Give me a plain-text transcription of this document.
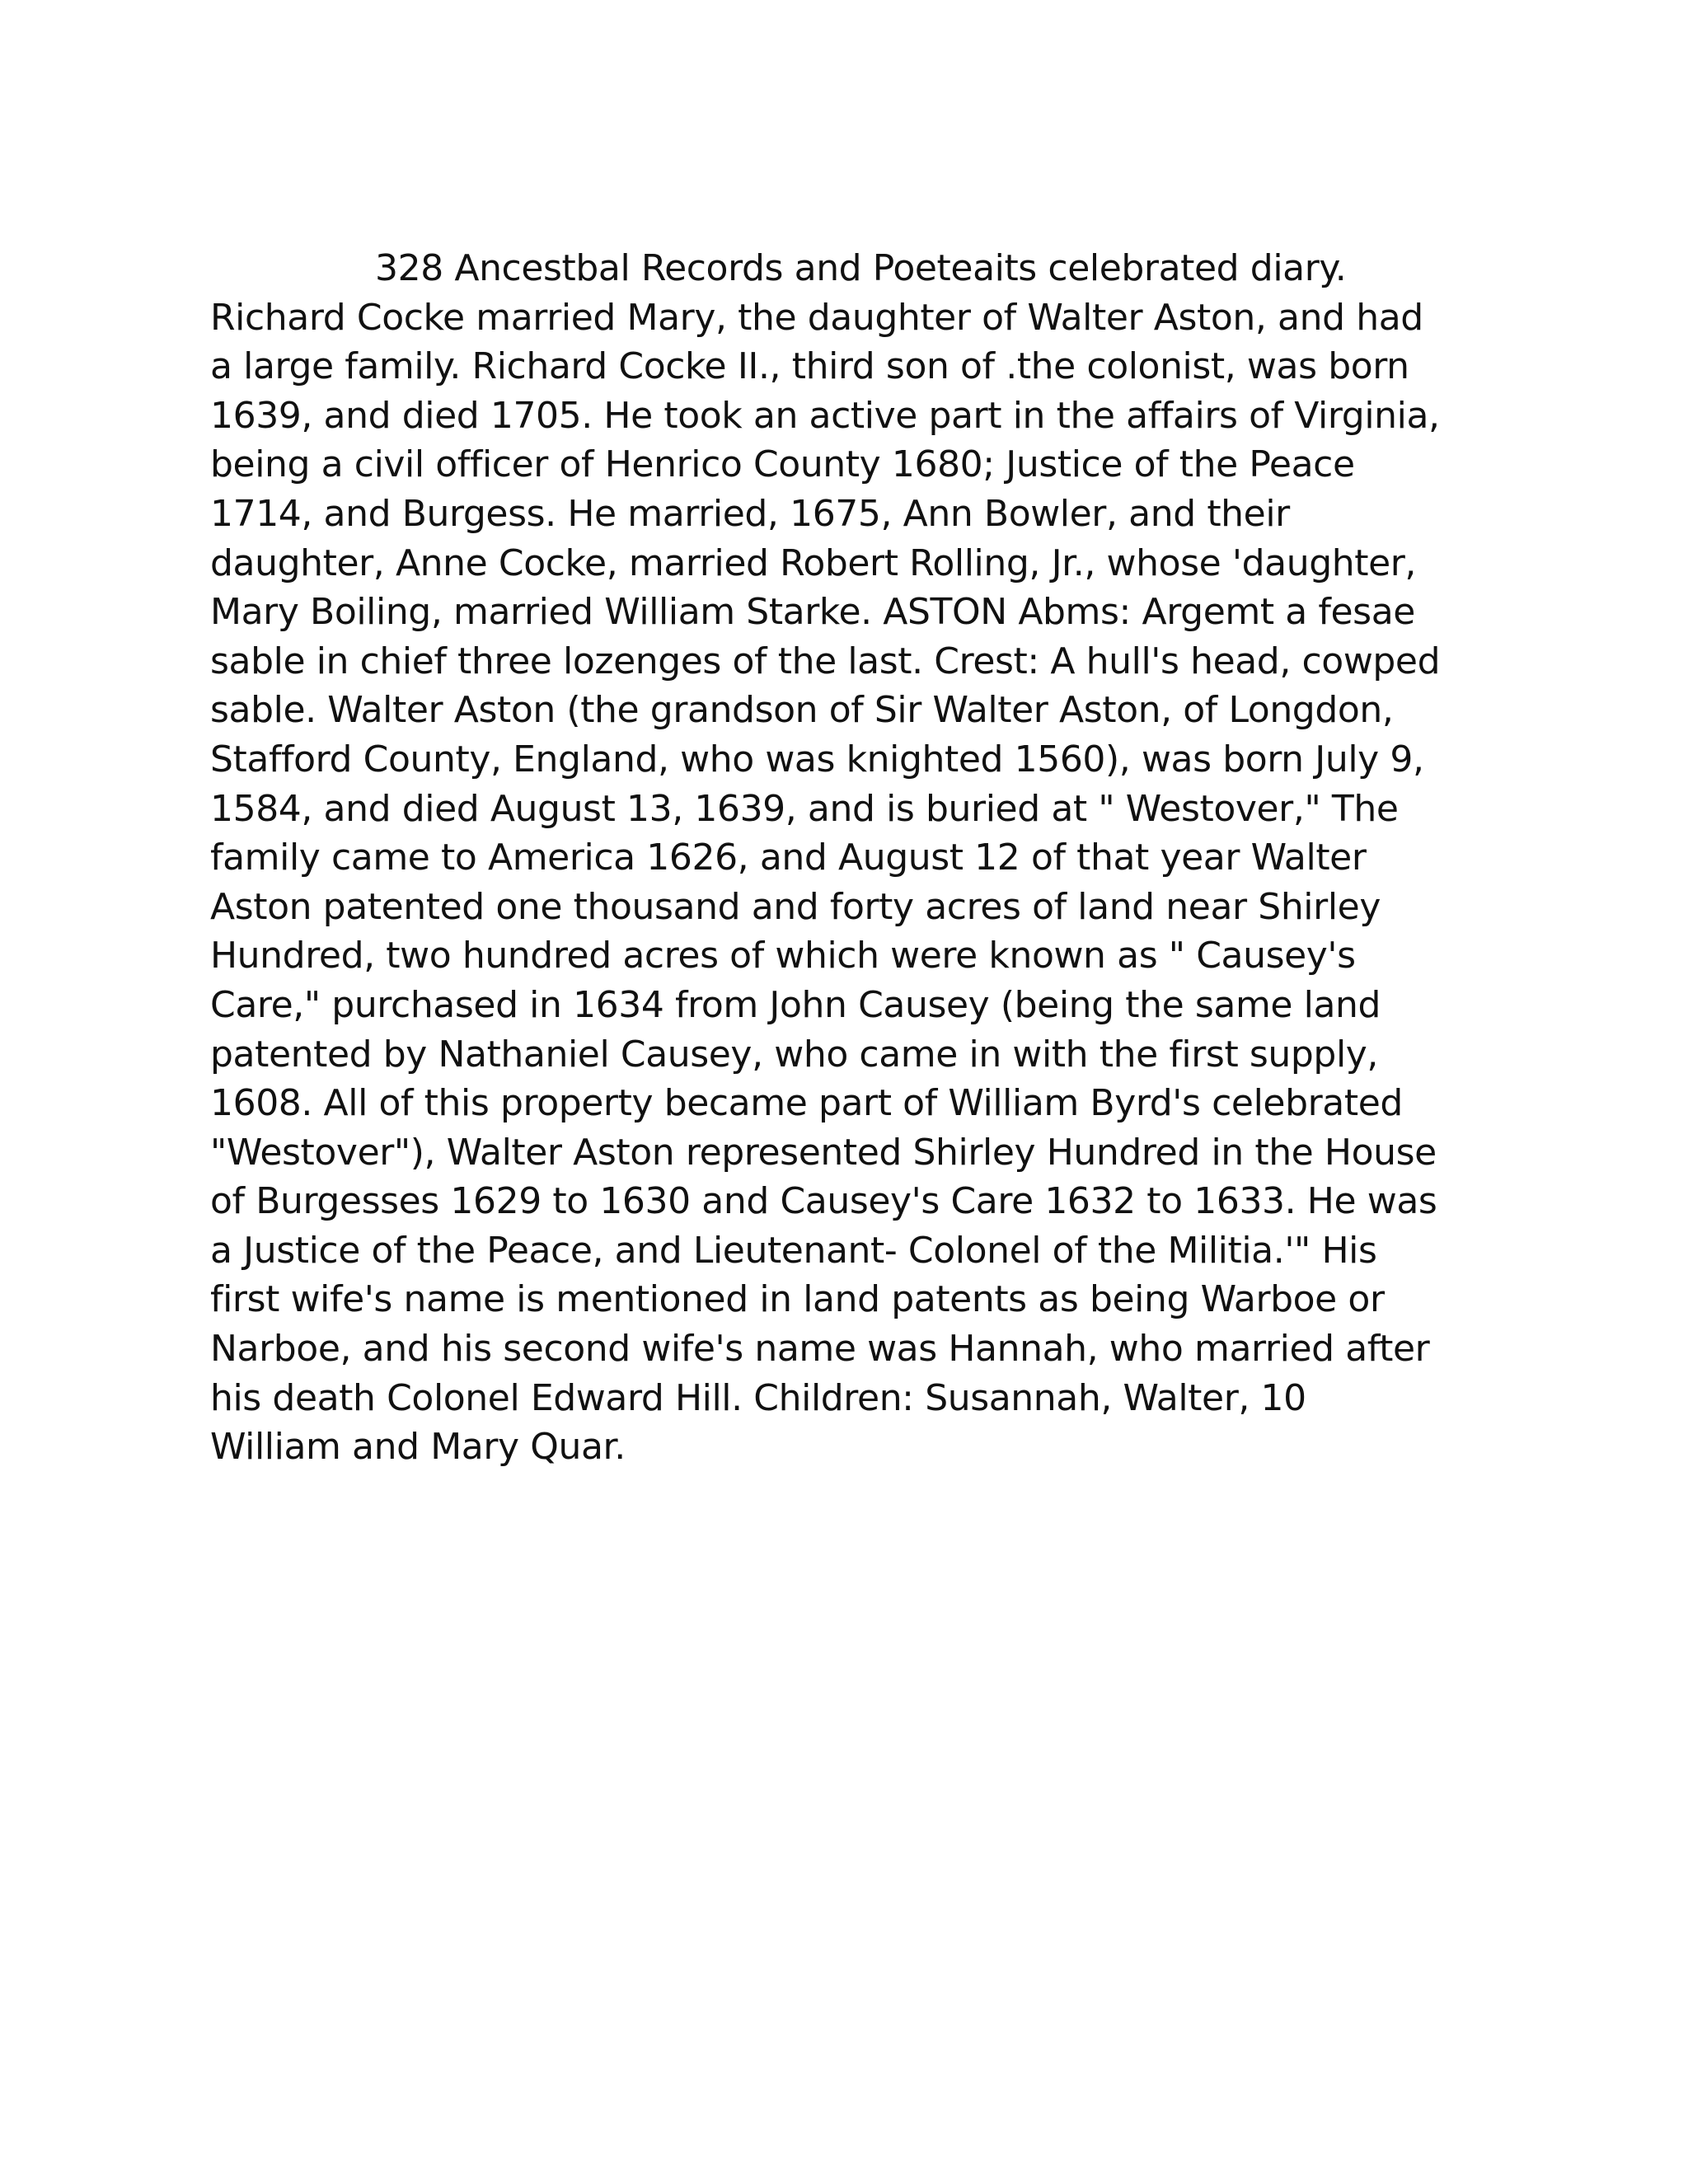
328 Ancestbal Records and Poeteaits celebrated diary.
Richard Cocke married Mary, the daughter of Walter Aston, and had
a large family. Richard Cocke II., third son of .the colonist, was born
1639, and died 1705. He took an active part in the affairs of Virginia,
being a civil officer of Henrico County 1680; Justice of the Peace
1714, and Burgess. He married, 1675, Ann Bowler, and their
daughter, Anne Cocke, married Robert Rolling, Jr., whose 'daughter,
Mary Boiling, married William Starke. ASTON Abms: Argemt a fesae
sable in chief three lozenges of the last. Crest: A hull's head, cowped
sable. Walter Aston (the grandson of Sir Walter Aston, of Longdon,
Stafford County, England, who was knighted 1560), was born July 9,
1584, and died August 13, 1639, and is buried at " Westover," The
family came to America 1626, and August 12 of that year Walter
Aston patented one thousand and forty acres of land near Shirley
Hundred, two hundred acres of which were known as " Causey's
Care," purchased in 1634 from John Causey (being the same land
patented by Nathaniel Causey, who came in with the first supply,
1608. All of this property became part of William Byrd's celebrated
"Westover"), Walter Aston represented Shirley Hundred in the House
of Burgesses 1629 to 1630 and Causey's Care 1632 to 1633. He was
a Justice of the Peace, and Lieutenant- Colonel of the Militia.'" His
first wife's name is mentioned in land patents as being Warboe or
Narboe, and his second wife's name was Hannah, who married after
his death Colonel Edward Hill. Children: Susannah, Walter, 10
William and Mary Quar.
